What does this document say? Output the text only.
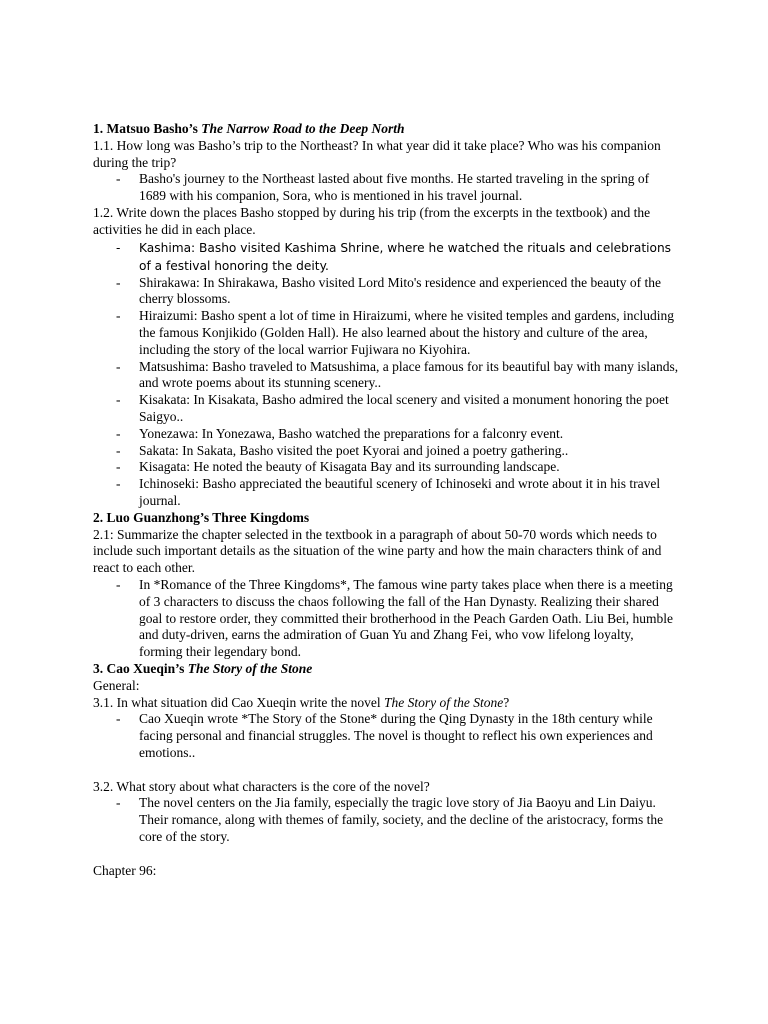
1. Matsuo Basho’s The Narrow Road to the Deep North

1.1. How long was Basho’s trip to the Northeast? In what year did it take place? Who was his companion during the trip?

- Basho's journey to the Northeast lasted about five months. He started traveling in the spring of 1689 with his companion, Sora, who is mentioned in his travel journal.

1.2. Write down the places Basho stopped by during his trip (from the excerpts in the textbook) and the activities he did in each place.

- Kashima: Basho visited Kashima Shrine, where he watched the rituals and celebrations of a festival honoring the deity.
- Shirakawa: In Shirakawa, Basho visited Lord Mito's residence and experienced the beauty of the cherry blossoms.
- Hiraizumi: Basho spent a lot of time in Hiraizumi, where he visited temples and gardens, including the famous Konjikido (Golden Hall). He also learned about the history and culture of the area, including the story of the local warrior Fujiwara no Kiyohira.
- Matsushima: Basho traveled to Matsushima, a place famous for its beautiful bay with many islands, and wrote poems about its stunning scenery..
- Kisakata: In Kisakata, Basho admired the local scenery and visited a monument honoring the poet Saigyo..
- Yonezawa: In Yonezawa, Basho watched the preparations for a falconry event.
- Sakata: In Sakata, Basho visited the poet Kyorai and joined a poetry gathering..
- Kisagata: He noted the beauty of Kisagata Bay and its surrounding landscape.
- Ichinoseki: Basho appreciated the beautiful scenery of Ichinoseki and wrote about it in his travel journal.

2. Luo Guanzhong’s Three Kingdoms

2.1: Summarize the chapter selected in the textbook in a paragraph of about 50-70 words which needs to include such important details as the situation of the wine party and how the main characters think of and react to each other.

- In *Romance of the Three Kingdoms*, The famous wine party takes place when there is a meeting of 3 characters to discuss the chaos following the fall of the Han Dynasty. Realizing their shared goal to restore order, they committed their brotherhood in the Peach Garden Oath. Liu Bei, humble and duty-driven, earns the admiration of Guan Yu and Zhang Fei, who vow lifelong loyalty, forming their legendary bond.

3. Cao Xueqin’s The Story of the Stone

General:

3.1. In what situation did Cao Xueqin write the novel The Story of the Stone?

- Cao Xueqin wrote *The Story of the Stone* during the Qing Dynasty in the 18th century while facing personal and financial struggles. The novel is thought to reflect his own experiences and emotions..

3.2. What story about what characters is the core of the novel?

- The novel centers on the Jia family, especially the tragic love story of Jia Baoyu and Lin Daiyu. Their romance, along with themes of family, society, and the decline of the aristocracy, forms the core of the story.

Chapter 96:
